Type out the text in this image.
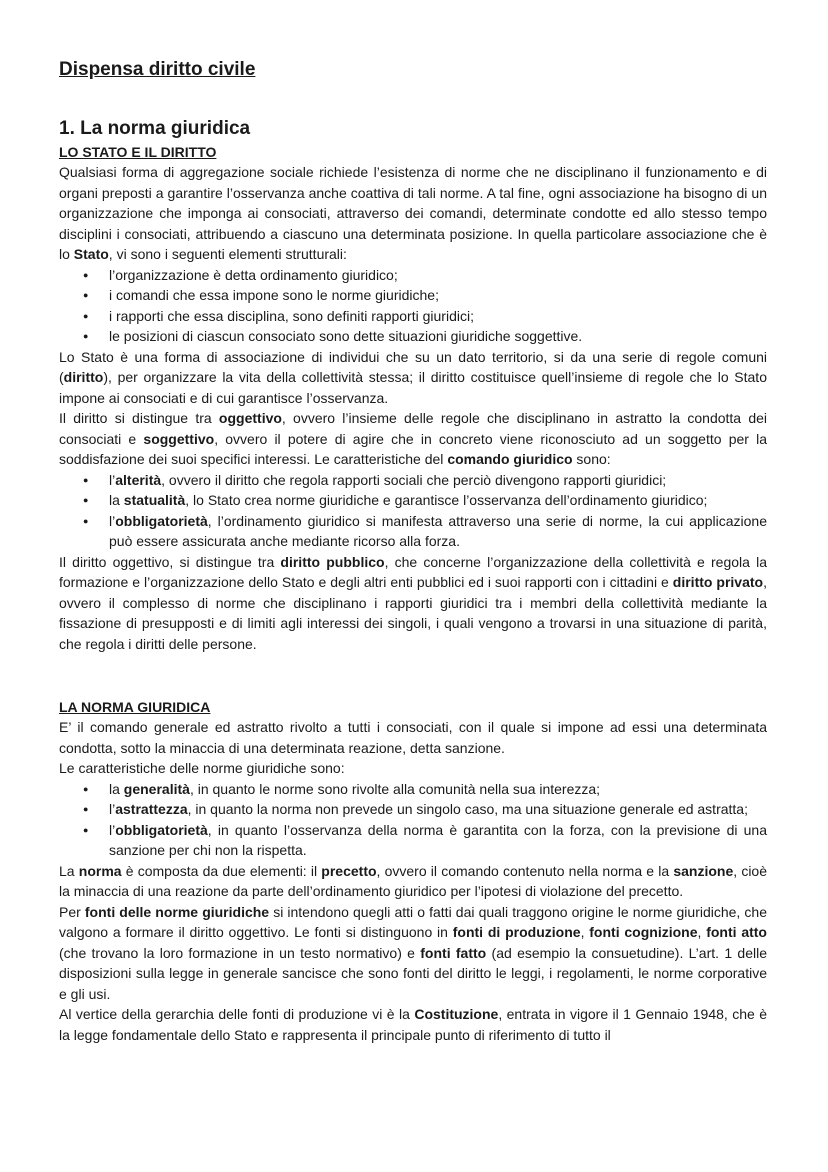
Dispensa diritto civile
1. La norma giuridica
LO STATO E IL DIRITTO

Qualsiasi forma di aggregazione sociale richiede l’esistenza di norme che ne disciplinano il funzionamento e di organi preposti a garantire l’osservanza anche coattiva di tali norme. A tal fine, ogni associazione ha bisogno di un organizzazione che imponga ai consociati, attraverso dei comandi, determinate condotte ed allo stesso tempo disciplini i consociati, attribuendo a ciascuno una determinata posizione. In quella particolare associazione che è lo Stato, vi sono i seguenti elementi strutturali:

● l’organizzazione è detta ordinamento giuridico;
● i comandi che essa impone sono le norme giuridiche;
● i rapporti che essa disciplina, sono definiti rapporti giuridici;
● le posizioni di ciascun consociato sono dette situazioni giuridiche soggettive.

Lo Stato è una forma di associazione di individui che su un dato territorio, si da una serie di regole comuni (diritto), per organizzare la vita della collettività stessa; il diritto costituisce quell’insieme di regole che lo Stato impone ai consociati e di cui garantisce l’osservanza.

Il diritto si distingue tra oggettivo, ovvero l’insieme delle regole che disciplinano in astratto la condotta dei consociati e soggettivo, ovvero il potere di agire che in concreto viene riconosciuto ad un soggetto per la soddisfazione dei suoi specifici interessi. Le caratteristiche del comando giuridico sono:

● l’alterità, ovvero il diritto che regola rapporti sociali che perciò divengono rapporti giuridici;
● la statualità, lo Stato crea norme giuridiche e garantisce l’osservanza dell’ordinamento giuridico;
● l’obbligatorietà, l’ordinamento giuridico si manifesta attraverso una serie di norme, la cui applicazione può essere assicurata anche mediante ricorso alla forza.

Il diritto oggettivo, si distingue tra diritto pubblico, che concerne l’organizzazione della collettività e regola la formazione e l’organizzazione dello Stato e degli altri enti pubblici ed i suoi rapporti con i cittadini e diritto privato, ovvero il complesso di norme che disciplinano i rapporti giuridici tra i membri della collettività mediante la fissazione di presupposti e di limiti agli interessi dei singoli, i quali vengono a trovarsi in una situazione di parità, che regola i diritti delle persone.

LA NORMA GIURIDICA

E’ il comando generale ed astratto rivolto a tutti i consociati, con il quale si impone ad essi una determinata condotta, sotto la minaccia di una determinata reazione, detta sanzione.

Le caratteristiche delle norme giuridiche sono:

● la generalità, in quanto le norme sono rivolte alla comunità nella sua interezza;
● l’astrattezza, in quanto la norma non prevede un singolo caso, ma una situazione generale ed astratta;
● l’obbligatorietà, in quanto l’osservanza della norma è garantita con la forza, con la previsione di una sanzione per chi non la rispetta.

La norma è composta da due elementi: il precetto, ovvero il comando contenuto nella norma e la sanzione, cioè la minaccia di una reazione da parte dell’ordinamento giuridico per l’ipotesi di violazione del precetto.

Per fonti delle norme giuridiche si intendono quegli atti o fatti dai quali traggono origine le norme giuridiche, che valgono a formare il diritto oggettivo. Le fonti si distinguono in fonti di produzione, fonti cognizione, fonti atto (che trovano la loro formazione in un testo normativo) e fonti fatto (ad esempio la consuetudine). L’art. 1 delle disposizioni sulla legge in generale sancisce che sono fonti del diritto le leggi, i regolamenti, le norme corporative e gli usi.

Al vertice della gerarchia delle fonti di produzione vi è la Costituzione, entrata in vigore il 1 Gennaio 1948, che è la legge fondamentale dello Stato e rappresenta il principale punto di riferimento di tutto il
